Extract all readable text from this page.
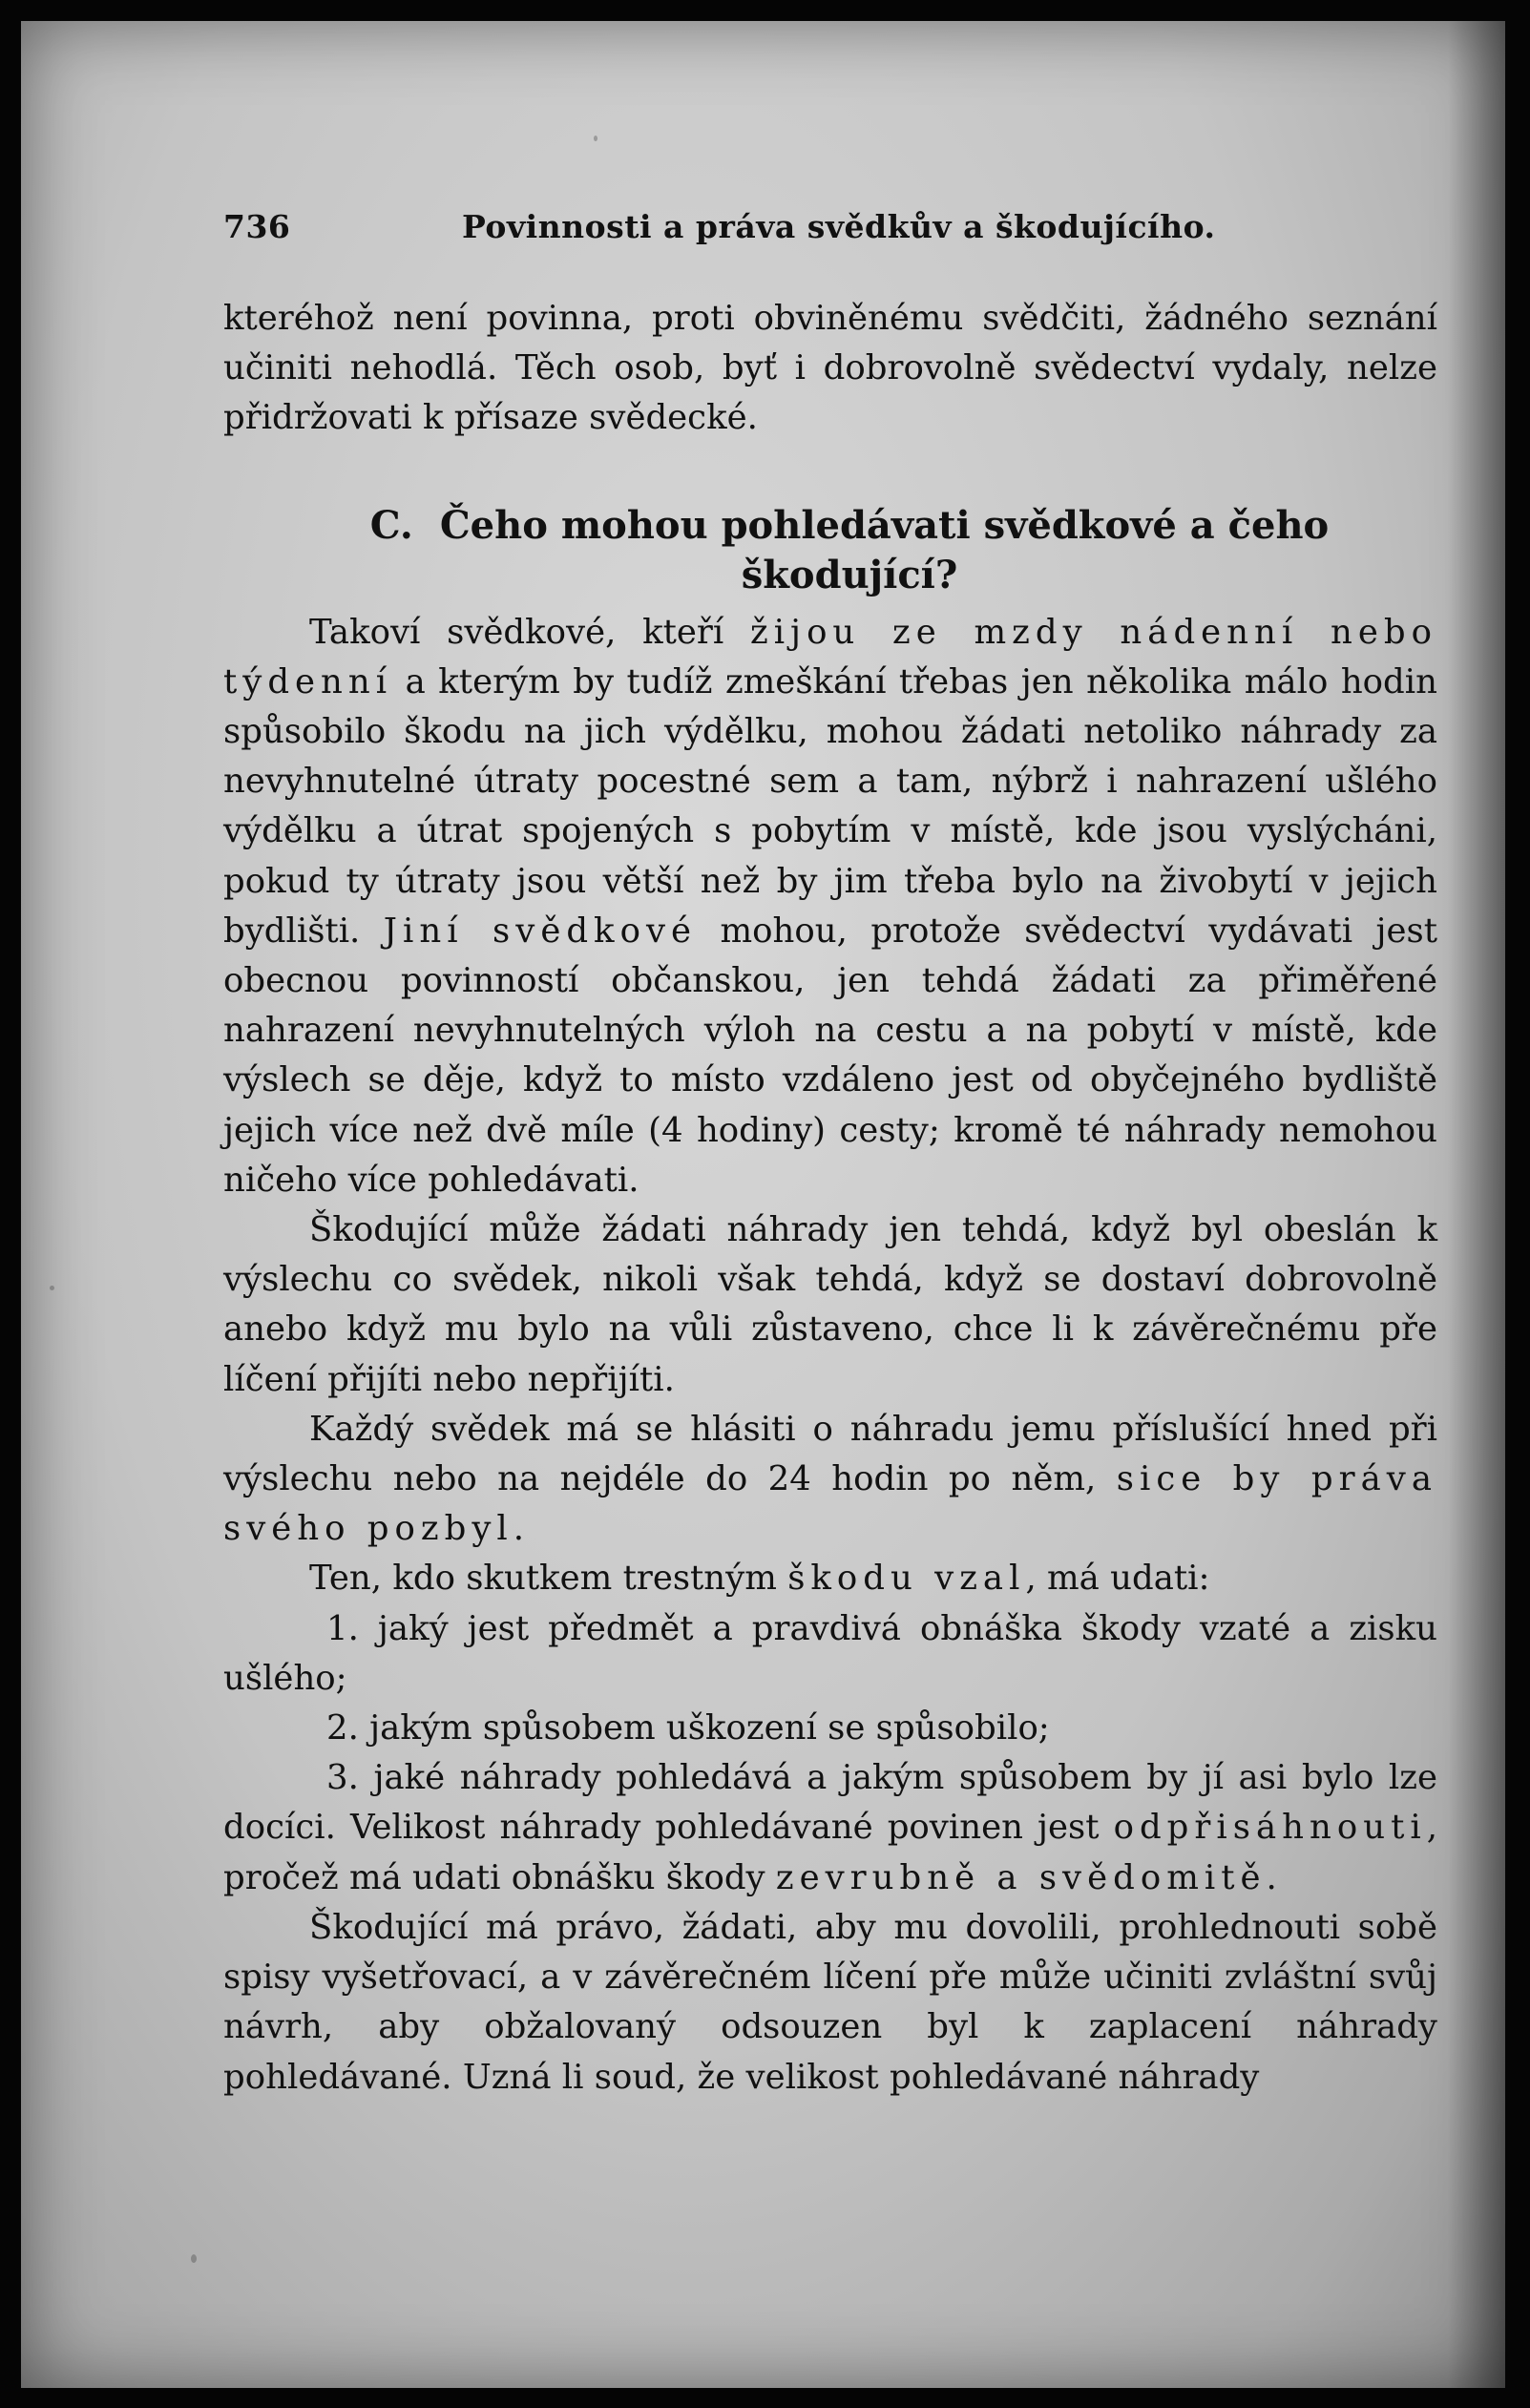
736	Povinnosti a práva svědkův a škodujícího.

kteréhož není povinna, proti obviněnému svědčiti, žádného seznání učiniti nehodlá. Těch osob, byť i dobrovolně svědectví vydaly, nelze přidržovati k přísaze svědecké.

C. Čeho mohou pohledávati svědkové a čeho škodující?

Takoví svědkové, kteří žijou ze mzdy nádenní nebo týdenní a kterým by tudíž zmeškání třebas jen několika málo hodin spůsobilo škodu na jich výdělku, mohou žádati netoliko náhrady za nevyhnutelné útraty pocestné sem a tam, nýbrž i nahrazení ušlého výdělku a útrat spojených s pobytím v místě, kde jsou vyslýcháni, pokud ty útraty jsou větší než by jim třeba bylo na živobytí v jejich bydlišti. Jiní svědkové mohou, protože svědectví vydávati jest obecnou povinností občanskou, jen tehdá žádati za přiměřené nahrazení nevyhnutelných výloh na cestu a na pobytí v místě, kde výslech se děje, když to místo vzdáleno jest od obyčejného bydliště jejich více než dvě míle (4 hodiny) cesty; kromě té náhrady nemohou ničeho více pohledávati.

Škodující může žádati náhrady jen tehdá, když byl obeslán k výslechu co svědek, nikoli však tehdá, když se dostaví dobrovolně anebo když mu bylo na vůli zůstaveno, chce li k závěrečnému pře líčení přijíti nebo nepřijíti.

Každý svědek má se hlásiti o náhradu jemu příslušící hned při výslechu nebo na nejdéle do 24 hodin po něm, sice by práva svého pozbyl.

Ten, kdo skutkem trestným škodu vzal, má udati:

1. jaký jest předmět a pravdivá obnáška škody vzaté a zisku ušlého;

2. jakým spůsobem uškození se spůsobilo;

3. jaké náhrady pohledává a jakým spůsobem by jí asi bylo lze docíci. Velikost náhrady pohledávané povinen jest odpřisáhnouti, pročež má udati obnášku škody zevrubně a svědomitě.

Škodující má právo, žádati, aby mu dovolili, prohlednouti sobě spisy vyšetřovací, a v závěrečném líčení pře může učiniti zvláštní svůj návrh, aby obžalovaný odsouzen byl k zaplacení náhrady pohledávané. Uzná li soud, že velikost pohledávané náhrady
